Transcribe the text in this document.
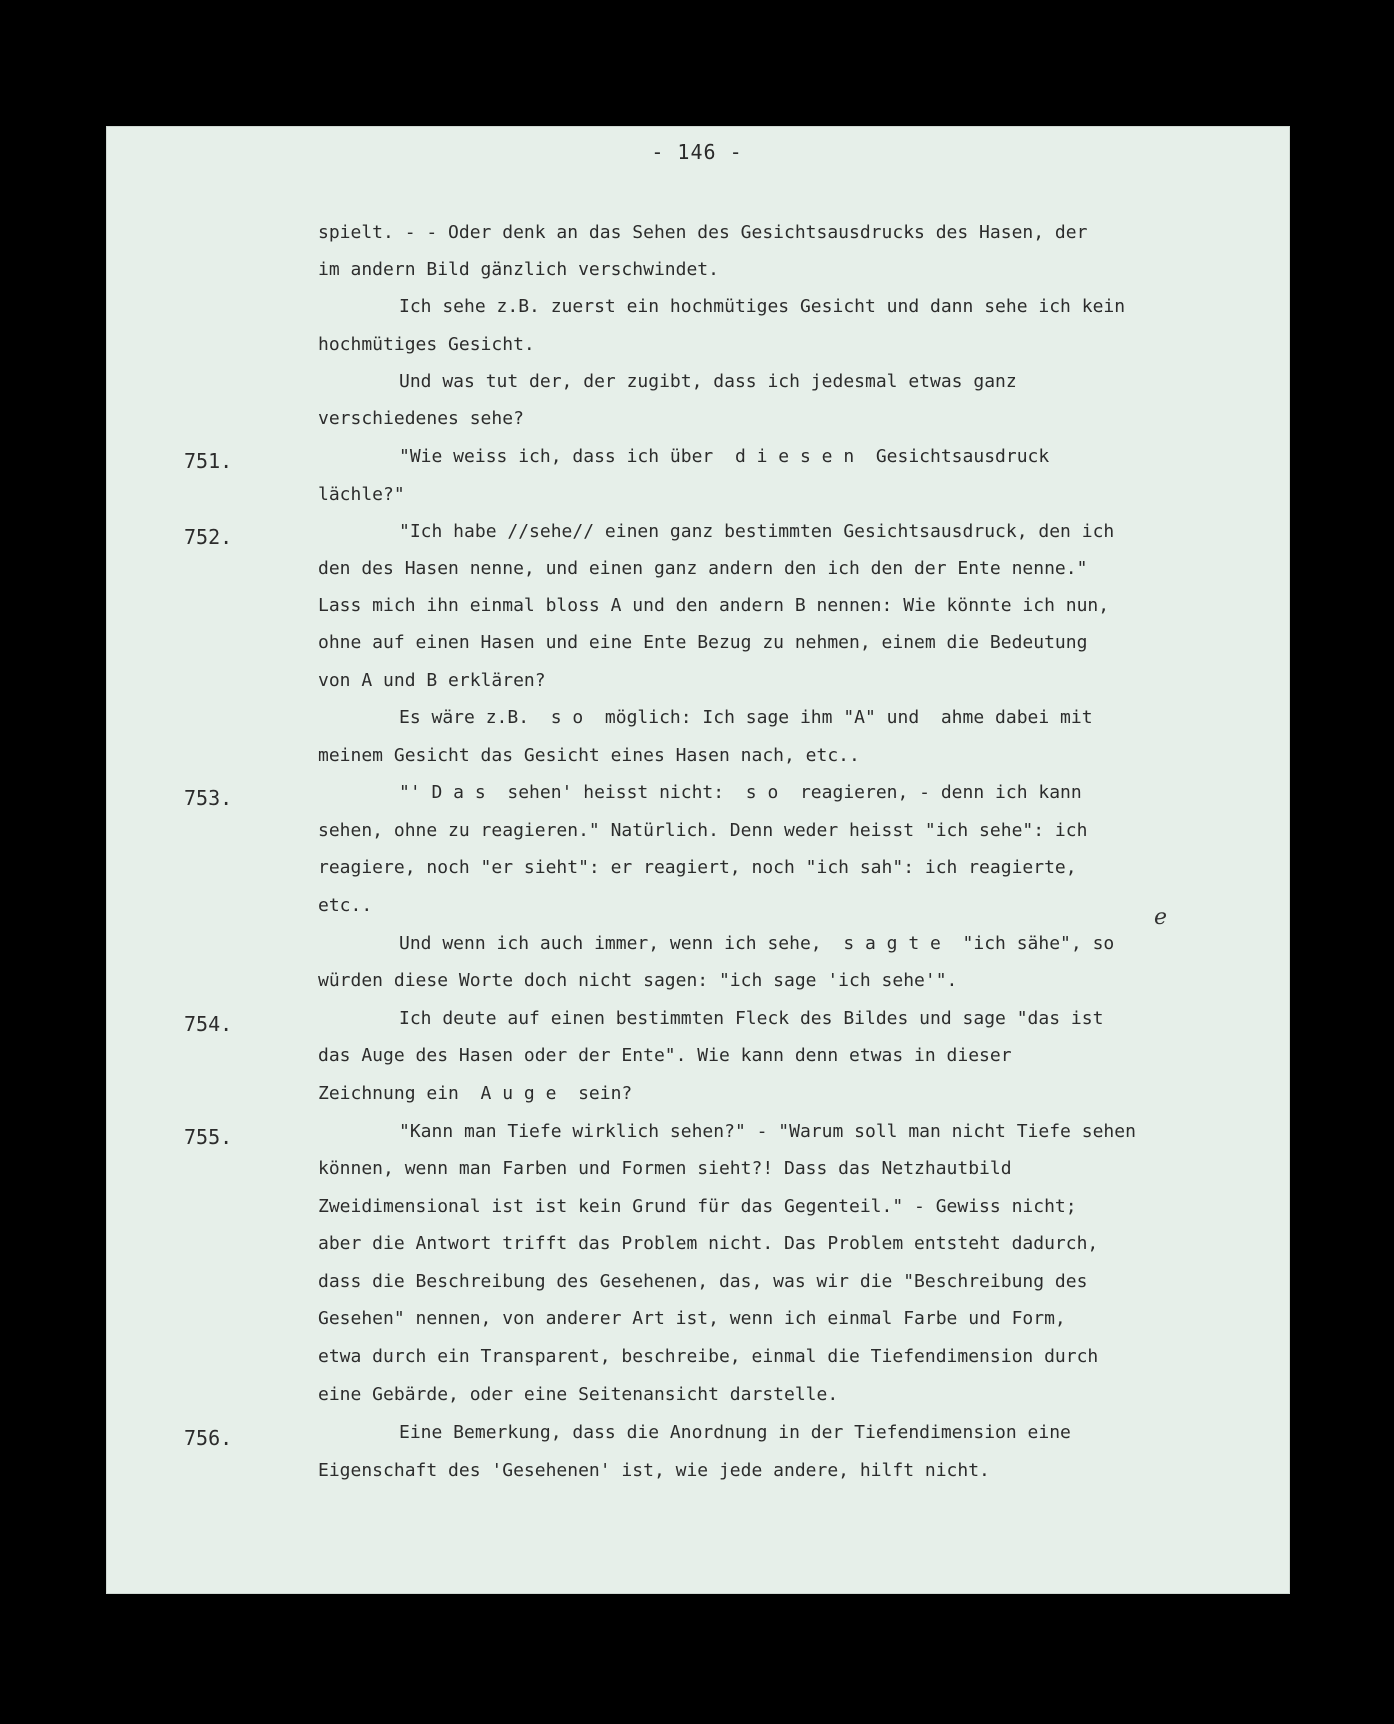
- 146 -
751.
752.
753.
754.
755.
756.
spielt. - - Oder denk an das Sehen des Gesichtsausdrucks des Hasen, der
im andern Bild gänzlich verschwindet.
Ich sehe z.B. zuerst ein hochmütiges Gesicht und dann sehe ich kein
hochmütiges Gesicht.
Und was tut der, der zugibt, dass ich jedesmal etwas ganz
verschiedenes sehe?
"Wie weiss ich, dass ich über  d i e s e n  Gesichtsausdruck
lächle?"
"Ich habe //sehe// einen ganz bestimmten Gesichtsausdruck, den ich
den des Hasen nenne, und einen ganz andern den ich den der Ente nenne."
Lass mich ihn einmal bloss A und den andern B nennen: Wie könnte ich nun,
ohne auf einen Hasen und eine Ente Bezug zu nehmen, einem die Bedeutung
von A und B erklären?
Es wäre z.B.  s o  möglich: Ich sage ihm "A" und  ahme dabei mit
meinem Gesicht das Gesicht eines Hasen nach, etc..
"' D a s  sehen' heisst nicht:  s o  reagieren, - denn ich kann
sehen, ohne zu reagieren." Natürlich. Denn weder heisst "ich sehe": ich
reagiere, noch "er sieht": er reagiert, noch "ich sah": ich reagierte,
etc..	e
Und wenn ich auch immer, wenn ich sehe,  s a g t e  "ich sähe", so
würden diese Worte doch nicht sagen: "ich sage 'ich sehe'".
Ich deute auf einen bestimmten Fleck des Bildes und sage "das ist
das Auge des Hasen oder der Ente". Wie kann denn etwas in dieser
Zeichnung ein  A u g e  sein?
"Kann man Tiefe wirklich sehen?" - "Warum soll man nicht Tiefe sehen
können, wenn man Farben und Formen sieht?! Dass das Netzhautbild
Zweidimensional ist ist kein Grund für das Gegenteil." - Gewiss nicht;
aber die Antwort trifft das Problem nicht. Das Problem entsteht dadurch,
dass die Beschreibung des Gesehenen, das, was wir die "Beschreibung des
Gesehen" nennen, von anderer Art ist, wenn ich einmal Farbe und Form,
etwa durch ein Transparent, beschreibe, einmal die Tiefendimension durch
eine Gebärde, oder eine Seitenansicht darstelle.
Eine Bemerkung, dass die Anordnung in der Tiefendimension eine
Eigenschaft des 'Gesehenen' ist, wie jede andere, hilft nicht.
